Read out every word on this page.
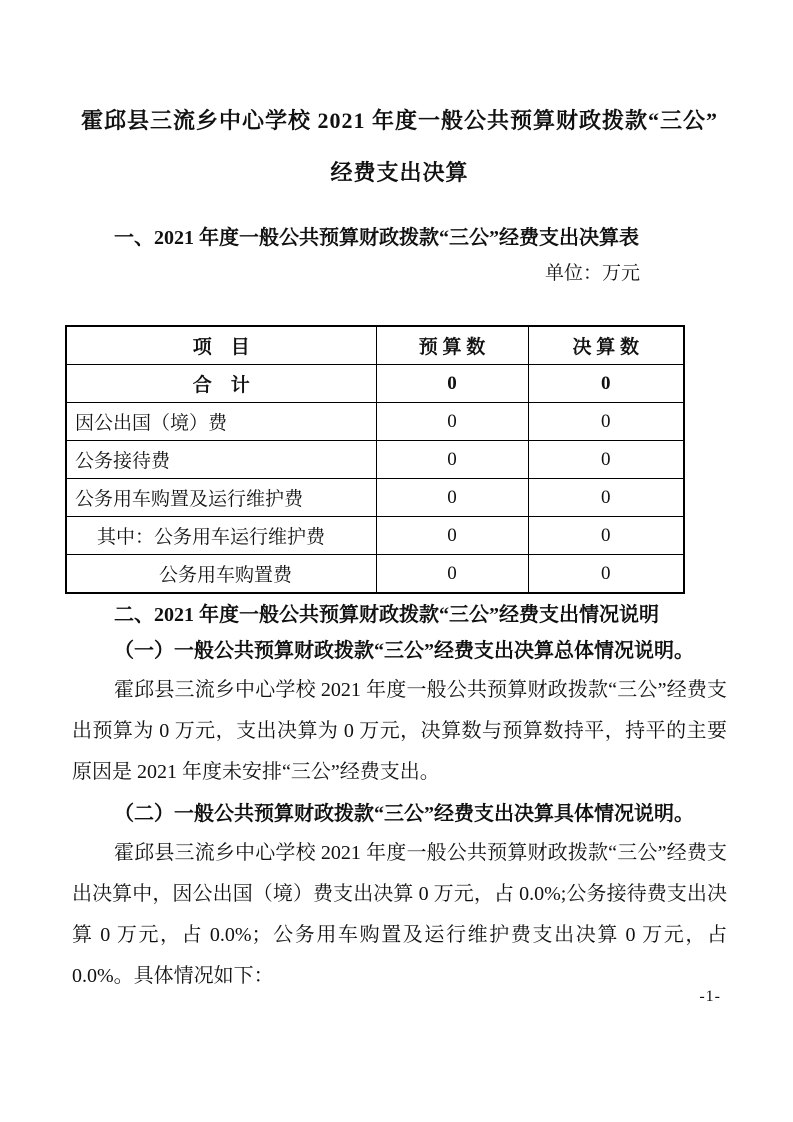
霍邱县三流乡中心学校 2021 年度一般公共预算财政拨款“三公”
经费支出决算
一、2021 年度一般公共预算财政拨款“三公”经费支出决算表
单位：万元
项　目	预 算 数	决 算 数
合　计	0	0
因公出国（境）费	0	0
公务接待费	0	0
公务用车购置及运行维护费	0	0
其中：公务用车运行维护费	0	0
公务用车购置费	0	0
二、2021 年度一般公共预算财政拨款“三公”经费支出情况说明
（一）一般公共预算财政拨款“三公”经费支出决算总体情况说明。

霍邱县三流乡中心学校 2021 年度一般公共预算财政拨款“三公”经费支出预算为 0 万元，支出决算为 0 万元，决算数与预算数持平，持平的主要原因是 2021 年度未安排“三公”经费支出。

（二）一般公共预算财政拨款“三公”经费支出决算具体情况说明。

霍邱县三流乡中心学校 2021 年度一般公共预算财政拨款“三公”经费支出决算中，因公出国（境）费支出决算 0 万元，占 0.0%;公务接待费支出决算 0 万元，占 0.0%；公务用车购置及运行维护费支出决算 0 万元，占 0.0%。具体情况如下：

-1-
